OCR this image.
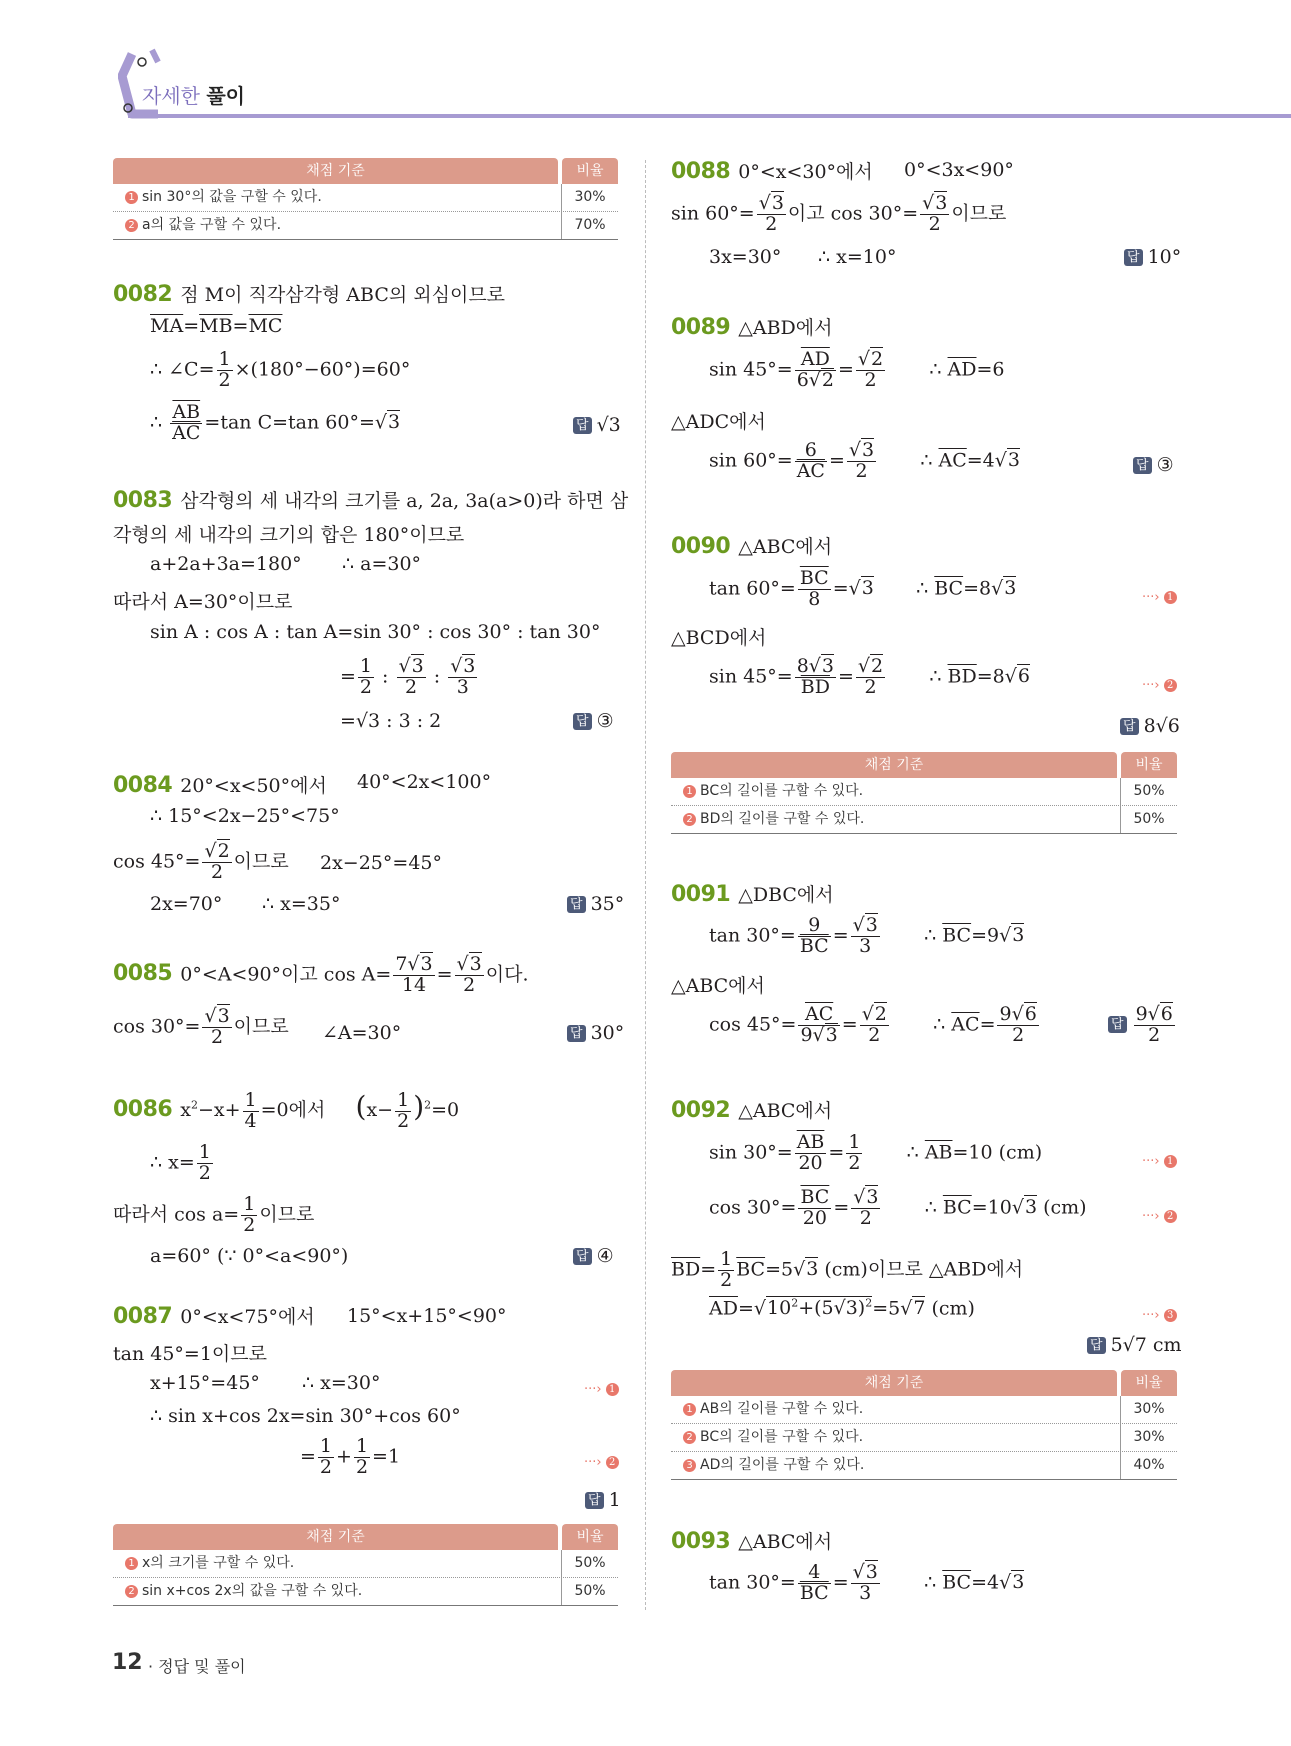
자세한 풀이
채점 기준	비율
1 sin 30°의 값을 구할 수 있다.	30%
2 a의 값을 구할 수 있다.	70%
0082 점 M이 직각삼각형 ABC의 외심이므로
$\overline{MA}=\overline{MB}=\overline{MC}$
∴ ∠C= $\frac{1}{2} \times(180^\circ-60^\circ)=60^\circ$
∴ $\frac{\overline{AB}}{AC} =\tan$ C=tan 60°=√3	답 √3
0083 삼각형의 세 내각의 크기를 a, 2a, 3a(a>0)라 하면 삼
각형의 세 내각의 크기의 합은 180°이므로
a+2a+3a=180° ∴ a=30°
따라서 A=30°이므로
sin A : cos A : tan A=sin 30° : cos 30° : tan 30°
= $\frac{1}{2}$ : $\frac{√3}{2}$ : $\frac{√3}{3}$
=√3 : 3 : 2	답 ③
0084 20°<x<50°에서 40°<2x<100°
∴ 15°<2x−25°<75°
$\cos 45^\circ= \frac{√2}{2}$ 이므로 2x−25°=45°
2x=70° ∴ x=35°	답 35°
0085 0°<A<90°이고 $\cos A= \frac{7√3}{14} = \frac{√3}{2}$ 이다.
$\cos 30^\circ= \frac{√3}{2}$ 이므로 ∠A=30°	답 30°
0086 $x^2-x+ \frac{1}{4} =0$에서     $(x- \frac{1}{2} )^2=0$
∴ $x= \frac{1}{2}$
따라서 $\cos a= \frac{1}{2}$ 이므로
a=60° (∵ 0°<a<90°)	답 ④
0087 0°<x<75°에서 15°<x+15°<90°
tan 45°=1이므로
x+15°=45° ∴ x=30°	···› 1
∴ sin x+cos 2x=sin 30°+cos 60°
= $\frac{1}{2} + \frac{1}{2} =1$	···› 2
답 1
채점 기준	비율
1 x의 크기를 구할 수 있다.	50%
2 sin x+cos 2x의 값을 구할 수 있다.	50%
0088 0°<x<30°에서 0°<3x<90°
$\sin 60^\circ= \frac{√3}{2}$ 이고 $\cos 30^\circ= \frac{√3}{2}$ 이므로
3x=30° ∴ x=10°	답 10°
0089 △ABD에서
$\sin 45^\circ= \frac{\overline{AD}}{6√2} = \frac{√2}{2}$ ∴ $\overline{AD}=6$
△ADC에서
$\sin 60^\circ= \frac{6}{AC} = \frac{√3}{2}$ ∴ $\overline{AC}=4√3$	답 ③
0090 △ABC에서
$\tan 60^\circ= \frac{\overline{BC}}{8} =√3$       ∴ $\overline{BC}=8√3$	···› 1
△BCD에서
$\sin 45^\circ= \frac{8√3}{BD} = \frac{√2}{2}$ ∴ $\overline{BD}=8√6$	···› 2
답 8√6
채점 기준	비율
1 BC의 길이를 구할 수 있다.	50%
2 BD의 길이를 구할 수 있다.	50%
0091 △DBC에서
$\tan 30^\circ= \frac{9}{BC} = \frac{√3}{3}$ ∴ $\overline{BC}=9√3$
△ABC에서
$\cos 45^\circ= \frac{\overline{AC}}{9√3} = \frac{√2}{2}$ ∴ $\overline{AC}= \frac{9√6}{2}$	답 $\frac{9√6}{2}$
0092 △ABC에서
$\sin 30^\circ= \frac{\overline{AB}}{20} = \frac{1}{2}$ ∴ $\overline{AB}=10$ (cm)	···› 1
$\cos 30^\circ= \frac{\overline{BC}}{20} = \frac{√3}{2}$ ∴ $\overline{BC}=10√3$ (cm)	···› 2
$\overline{BD}= \frac{1}{2} \overline{BC}=5√3$ (cm)이므로 △ABD에서
$\overline{AD}=√10^2+(5√3)^2=5√7$ (cm)	···› 3
답 5√7 cm
채점 기준	비율
1 AB의 길이를 구할 수 있다.	30%
2 BC의 길이를 구할 수 있다.	30%
3 AD의 길이를 구할 수 있다.	40%
0093 △ABC에서
$\tan 30^\circ= \frac{4}{BC} = \frac{√3}{3}$ ∴ $\overline{BC}=4√3$
12 · 정답 및 풀이
